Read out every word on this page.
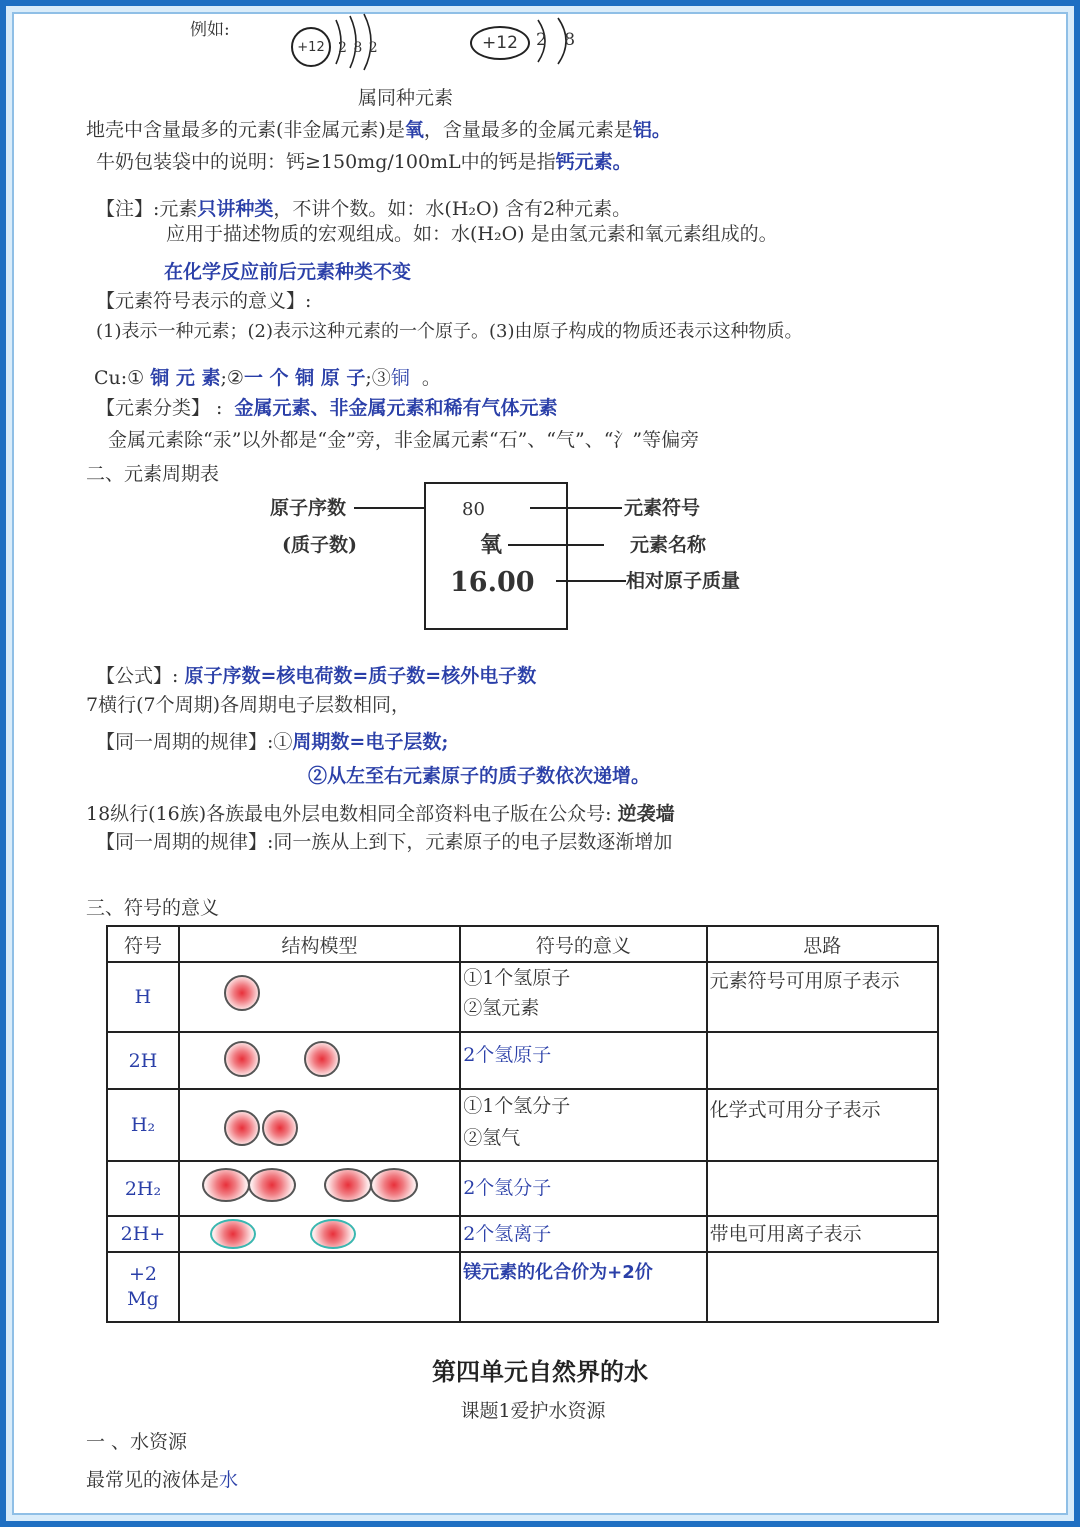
例如:
+12 2 8 2	+12	2 8
属同种元素
地壳中含量最多的元素(非金属元素)是氧，含量最多的金属元素是铝。
牛奶包装袋中的说明：钙≥150mg/100mL中的钙是指钙元素。
【注】:元素只讲种类，不讲个数。如：水(H₂O) 含有2种元素。
应用于描述物质的宏观组成。如：水(H₂O) 是由氢元素和氧元素组成的。
在化学反应前后元素种类不变
【元素符号表示的意义】:
(1)表示一种元素；(2)表示这种元素的一个原子。(3)由原子构成的物质还表示这种物质。
Cu:① 铜 元 素;②一 个 铜 原 子;③铜 。
【元素分类】 : 金属元素、非金属元素和稀有气体元素
金属元素除“汞”以外都是“金”旁，非金属元素“石”、“气”、“氵”等偏旁
二、元素周期表
原子序数
(质子数)
80
氧
16.00
元素符号
元素名称
相对原子质量
【公式】: 原子序数=核电荷数=质子数=核外电子数
7横行(7个周期)各周期电子层数相同，
【同一周期的规律】:①周期数=电子层数;
②从左至右元素原子的质子数依次递增。
18纵行(16族)各族最电外层电数相同全部资料电子版在公众号: 逆袭墙
【同一周期的规律】:同一族从上到下，元素原子的电子层数逐渐增加
三、符号的意义
符号	结构模型	符号的意义	思路
H		①1个氢原子
②氢元素	元素符号可用原子表示
2H		2个氢原子	

H₂		①1个氢分子
②氢气	化学式可用分子表示
2H₂		2个氢分子	

2H+		2个氢离子	带电可用离子表示

+2
Mg		镁元素的化合价为+2价	

第四单元自然界的水
课题1爱护水资源
一 、水资源
最常见的液体是水
